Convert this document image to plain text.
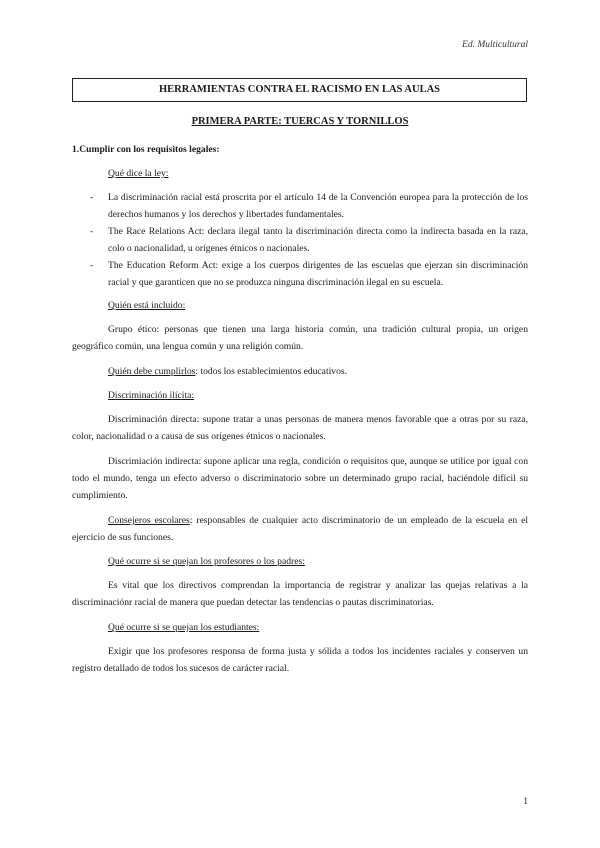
Ed. Multicultural
HERRAMIENTAS CONTRA EL RACISMO EN LAS AULAS
PRIMERA PARTE: TUERCAS Y TORNILLOS
1.Cumplir con los requisitos legales:
Qué dice la ley:
- La discriminación racial está proscrita por el artículo 14 de la Convención europea para la protección de los derechos humanos y los derechos y libertades fundamentales.
- The Race Relations Act: declara ilegal tanto la discriminación directa como la indirecta basada en la raza, colo o nacionalidad, u orígenes étnicos o nacionales.
- The Education Reform Act: exige a los cuerpos dirigentes de las escuelas que ejerzan sin discriminación racial y que garanticen que no se produzca ninguna discriminación ilegal en su escuela.
Quién está incluido:

Grupo ético: personas que tienen una larga historia común, una tradición cultural propia, un origen geográfico común, una lengua común y una religión común.

Quién debe cumplirlos: todos los establecimientos educativos.

Discriminación ilícita:

Discriminación directa: supone tratar a unas personas de manera menos favorable que a otras por su raza, color, nacionalidad o a causa de sus orígenes étnicos o nacionales.

Discrimiación indirecta: supone aplicar una regla, condición o requisitos que, aunque se utilice por igual con todo el mundo, tenga un efecto adverso o discriminatorio sobre un determinado grupo racial, haciéndole difícil su cumplimiento.

Consejeros escolares: responsables de cualquier acto discriminatorio de un empleado de la escuela en el ejercicio de sus funciones.

Qué ocurre si se quejan los profesores o los padres:

Es vital que los directivos comprendan la importancia de registrar y analizar las quejas relativas a la discriminaciónr racial de manera que puedan detectar las tendencias o pautas discriminatorias.

Qué ocurre si se quejan los estudiantes:

Exigir que los profesores responsa de forma justa y sólida a todos los incidentes raciales y conserven un registro detallado de todos los sucesos de carácter racial.

1
